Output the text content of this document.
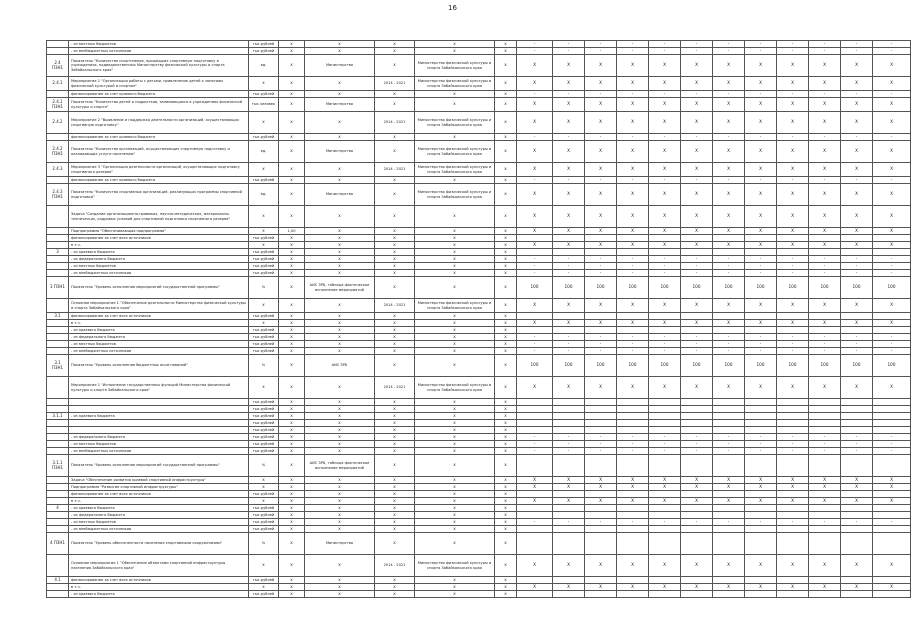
16
	- из местных бюджетов	тыс.рублей	Х	Х	Х	Х	Х	-	-	-	-	-	-	-	-	-	-	-	-
	- из внебюджетных источников	тыс.рублей	Х	Х	Х	Х	Х	-	-	-	-	-	-	-	-	-	-	-	-
2.4 П3Н1	Показатель "Количество спортсменов, прошедших спортивную подготовку в учреждениях, подведомственных Министерству физической культуры и спорта Забайкальского края"	ед.	Х	Министерство	Х	Министерство физической культуры и спорта Забайкальского края	Х	Х	Х	Х	Х	Х	Х	Х	Х	Х	Х	Х	Х
2.4.1	Мероприятие 1 "Организация работы с детьми, привлечение детей к занятиям физической культурой и спортом"	Х	Х	Х	2014 - 2021	Министерство физической культуры и спорта Забайкальского края	Х	Х	Х	Х	Х	Х	Х	Х	Х	Х	Х	Х	Х
	финансирование за счет краевого бюджета	тыс.рублей	Х	Х	Х	Х	Х	-	-	-	-	-	-	-	-	-	-	-	-
2.4.1 П3Н1	Показатель "Количество детей и подростков, занимающихся в учреждениях физической культуры и спорта"	тыс.человек	Х	Министерство	Х	Х	Х	Х	Х	Х	Х	Х	Х	Х	Х	Х	Х	Х	Х
2.4.2	Мероприятие 2 "Выявление и поддержка деятельности организаций, осуществляющих спортивную подготовку"	Х	Х	Х	2014 - 2021	Министерство физической культуры и спорта Забайкальского края	Х	Х	Х	Х	Х	Х	Х	Х	Х	Х	Х	Х	Х
	финансирование за счет краевого бюджета	тыс.рублей	Х	Х	Х	Х	Х	-	-	-	-	-	-	-	-	-	-	-	-
2.4.2 П3Н1	Показатель "Количество организаций, осуществляющих спортивную подготовку и оказывающих услуги населению"	ед.	Х	Министерство	Х	Министерство физической культуры и спорта Забайкальского края	Х	Х	Х	Х	Х	Х	Х	Х	Х	Х	Х	Х	Х
2.4.3	Мероприятие 3 "Организация деятельности организаций, осуществляющих подготовку спортивного резерва"	Х	Х	Х	2014 - 2021	Министерство физической культуры и спорта Забайкальского края	Х	Х	Х	Х	Х	Х	Х	Х	Х	Х	Х	Х	Х
	финансирование за счет краевого бюджета	тыс.рублей	Х	Х	Х	Х	Х	-	-	-	-	-	-	-	-	-	-	-	-
2.4.3 П3Н1	Показатель "Количество спортивных организаций, реализующих программы спортивной подготовки"	ед.	Х	Министерство	Х	Министерство физической культуры и спорта Забайкальского края	Х	Х	Х	Х	Х	Х	Х	Х	Х	Х	Х	Х	Х
	Задача "Создание организационно-правовых, научно-методических, материально-технических, кадровых условий для спортивной подготовки спортивного резерва"	Х	Х	Х	Х	Х	Х	Х	Х	Х	Х	Х	Х	Х	Х	Х	Х	Х	Х
	Подпрограмма "Обеспечивающая подпрограмма"	Х	1,00	Х	Х	Х	Х	Х	Х	Х	Х	Х	Х	Х	Х	Х	Х	Х	Х
	финансирование за счет всех источников	тыс.рублей	Х	Х	Х	Х	Х												
	в т.ч.	Х	Х	Х	Х	Х	Х	Х	Х	Х	Х	Х	Х	Х	Х	Х	Х	Х	Х
3	- из краевого бюджета	тыс.рублей	Х	Х	Х	Х	Х												
	- из федерального бюджета	тыс.рублей	Х	Х	Х	Х	Х	-	-	-	-	-	-	-	-	-	-	-	-
	- из местных бюджетов	тыс.рублей	Х	Х	Х	Х	Х	-	-	-	-	-	-	-	-	-	-	-	-
	- из внебюджетных источников	тыс.рублей	Х	Х	Х	Х	Х	-	-	-	-	-	-	-	-	-	-	-	-
3 ПЗН1	Показатель "Уровень исполнения мероприятий государственной программы"	%	Х	АИС ЗРБ, таблица фактическое исполнение мероприятий	Х	Х	Х	100	100	100	100	100	100	100	100	100	100	100	100
	Основное мероприятие 1 "Обеспечение деятельности Министерства физической культуры и спорта Забайкальского края"	Х	Х	Х	2014 - 2021	Министерство физической культуры и спорта Забайкальского края	Х	Х	Х	Х	Х	Х	Х	Х	Х	Х	Х	Х	Х
3.1	финансирование за счет всех источников	тыс.рублей	Х	Х	Х	Х	Х												
	в т.ч.	Х	Х	Х	Х	Х	Х	Х	Х	Х	Х	Х	Х	Х	Х	Х	Х	Х	Х
	- из краевого бюджета	тыс.рублей	Х	Х	Х	Х	Х												
	- из федерального бюджета	тыс.рублей	Х	Х	Х	Х	Х	-	-	-	-	-	-	-	-	-	-	-	-
	- из местных бюджетов	тыс.рублей	Х	Х	Х	Х	Х	-	-	-	-	-	-	-	-	-	-	-	-
	- из внебюджетных источников	тыс.рублей	Х	Х	Х	Х	Х	-	-	-	-	-	-	-	-	-	-	-	-
3.1 П3Н1	Показатель "Уровень исполнения бюджетных ассигнований"	%	Х	АИС ЗРБ	Х	Х	Х	100	100	100	100	100	100	100	100	100	100	100	100
	Мероприятие 1 "Исполнение государственных функций Министерства физической культуры и спорта Забайкальского края"	Х	Х	Х	2014 - 2021	Министерство физической культуры и спорта Забайкальского края	Х	Х	Х	Х	Х	Х	Х	Х	Х	Х	Х	Х	Х
		тыс.рублей	Х	Х	Х	Х	Х												
		тыс.рублей	Х	Х	Х	Х	Х												
3.1.1	- из краевого бюджета	тыс.рублей	Х	Х	Х	Х	Х												
		тыс.рублей	Х	Х	Х	Х	Х												
		тыс.рублей	Х	Х	Х	Х	Х												
	- из федерального бюджета	тыс.рублей	Х	Х	Х	Х	Х	-	-	-	-	-	-	-	-	-	-	-	-
	- из местных бюджетов	тыс.рублей	Х	Х	Х	Х	Х	-	-	-	-	-	-	-	-	-	-	-	-
	- из внебюджетных источников	тыс.рублей	Х	Х	Х	Х	Х	-	-	-	-	-	-	-	-	-	-	-	-
3.1.1 П3Н1	Показатель "Уровень исполнения мероприятий государственной программы"	%	Х	АИС ЗРБ, таблица фактическое исполнение мероприятий	Х	Х	Х												
	Задача "Обеспечение развития краевой спортивной инфраструктуры"	Х	Х	Х	Х	Х	Х	Х	Х	Х	Х	Х	Х	Х	Х	Х	Х	Х	Х
	Подпрограмма "Развитие спортивной инфраструктуры"	Х	Х	Х	Х	Х	Х	Х	Х	Х	Х	Х	Х	Х	Х	Х	Х	Х	Х
	финансирование за счет всех источников	тыс.рублей	Х	Х	Х	Х	Х												
	в т.ч.	Х	Х	Х	Х	Х	Х	Х	Х	Х	Х	Х	Х	Х	Х	Х	Х	Х	Х
4	- из краевого бюджета	тыс.рублей	Х	Х	Х	Х	Х												
	- из федерального бюджета	тыс.рублей	Х	Х	Х	Х	Х												
	- из местных бюджетов	тыс.рублей	Х	Х	Х	Х	Х	-	-	-	-	-	-	-	-	-	-	-	-
	- из внебюджетных источников	тыс.рублей	Х	Х	Х	Х	Х												
4 П3Н1	Показатель "Уровень обеспеченности населения спортивными сооружениями"	%	Х	Министерство	Х	Х	Х												
	Основное мероприятие 1 "Обеспечение объектами спортивной инфраструктуры населения Забайкальского края"	Х	Х	Х	2014 - 2021	Министерство физической культуры и спорта Забайкальского края	Х	Х	Х	Х	Х	Х	Х	Х	Х	Х	Х	Х	Х
4.1	финансирование за счет всех источников	тыс.рублей	Х	Х	Х	Х	Х												
	в т.ч.	Х	Х	Х	Х	Х	Х	Х	Х	Х	Х	Х	Х	Х	Х	Х	Х	Х	Х
	- из краевого бюджета	тыс.рублей	Х	Х	Х	Х	Х												
